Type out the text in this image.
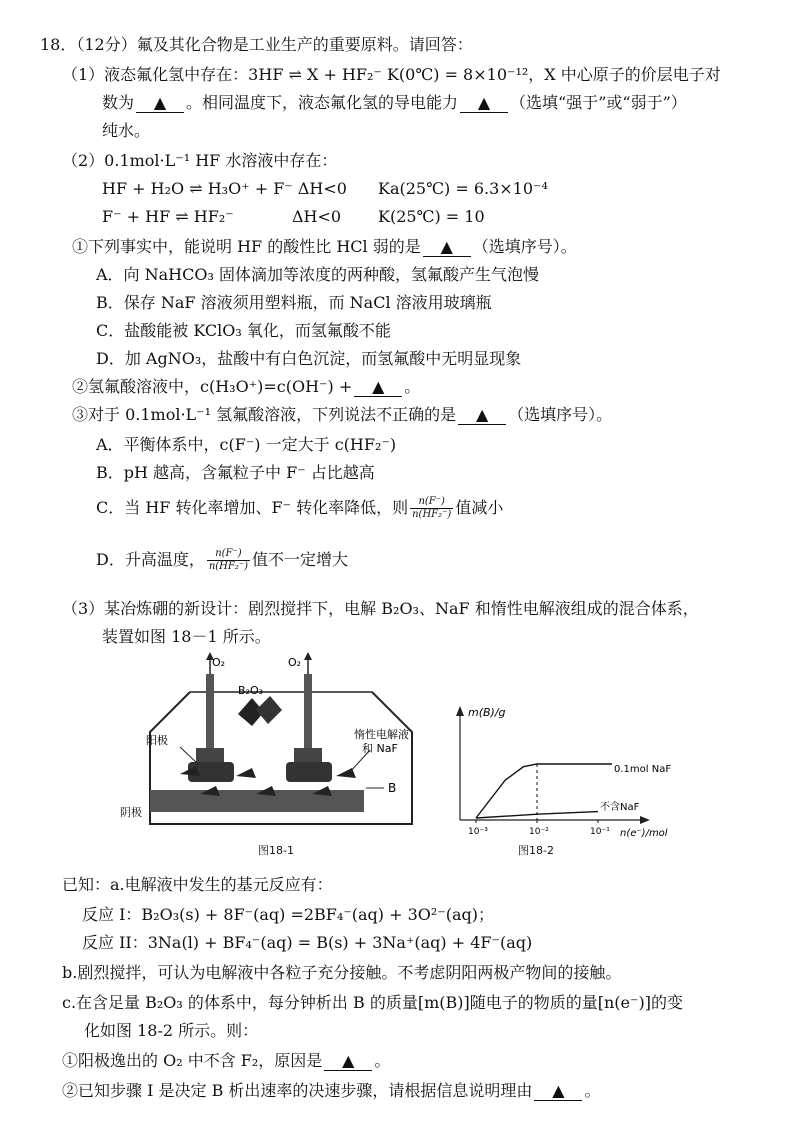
18．（12分）氟及其化合物是工业生产的重要原料。请回答：
（1）液态氟化氢中存在：3HF ⇌ X + HF₂⁻ K(0℃) = 8×10⁻¹²，X 中心原子的价层电子对
数为 ▲ 。相同温度下，液态氟化氢的导电能力 ▲ （选填“强于”或“弱于”）
纯水。
（2）0.1mol·L⁻¹ HF 水溶液中存在：
HF + H₂O ⇌ H₃O⁺ + F⁻ ΔH<0 Ka(25℃) = 6.3×10⁻⁴
F⁻ + HF ⇌ HF₂⁻	ΔH<0 K(25℃) = 10
①下列事实中，能说明 HF 的酸性比 HCl 弱的是 ▲ （选填序号）。
A．向 NaHCO₃ 固体滴加等浓度的两种酸，氢氟酸产生气泡慢
B．保存 NaF 溶液须用塑料瓶，而 NaCl 溶液用玻璃瓶
C．盐酸能被 KClO₃ 氧化，而氢氟酸不能
D．加 AgNO₃，盐酸中有白色沉淀，而氢氟酸中无明显现象
②氢氟酸溶液中，c(H₃O⁺)=c(OH⁻) + ▲ 。
③对于 0.1mol·L⁻¹ 氢氟酸溶液，下列说法不正确的是 ▲ （选填序号）。
A．平衡体系中，c(F⁻) 一定大于 c(HF₂⁻)
B．pH 越高，含氟粒子中 F⁻ 占比越高
C．当 HF 转化率增加、F⁻ 转化率降低，则 $\frac{n(F^-)}{\text{n(HF₂⁻)}}$ 值减小
D．升高温度， $\frac{n(F^-)}{\text{n(HF₂⁻)}}$ 值不一定增大
（3）某冶炼硼的新设计：剧烈搅拌下，电解 B₂O₃、NaF 和惰性电解液组成的混合体系，
装置如图 18－1 所示。
O₂	O₂
B₂O₃
阳极	惰性电解液
和 NaF
B
阴极
图18-1
m(B)/g
n(e⁻)/mol
10⁻³	10⁻²	10⁻¹
0.1mol NaF
不含NaF
图18-2
已知：a.电解液中发生的基元反应有：
反应 I：B₂O₃(s) + 8F⁻(aq) =2BF₄⁻(aq) + 3O²⁻(aq)；
反应 II：3Na(l) + BF₄⁻(aq) = B(s) + 3Na⁺(aq) + 4F⁻(aq)
b.剧烈搅拌，可认为电解液中各粒子充分接触。不考虑阴阳两极产物间的接触。
c.在含足量 B₂O₃ 的体系中，每分钟析出 B 的质量[m(B)]随电子的物质的量[n(e⁻)]的变
化如图 18-2 所示。则：
①阳极逸出的 O₂ 中不含 F₂，原因是 ▲ 。
②已知步骤 I 是决定 B 析出速率的决速步骤，请根据信息说明理由 ▲ 。
